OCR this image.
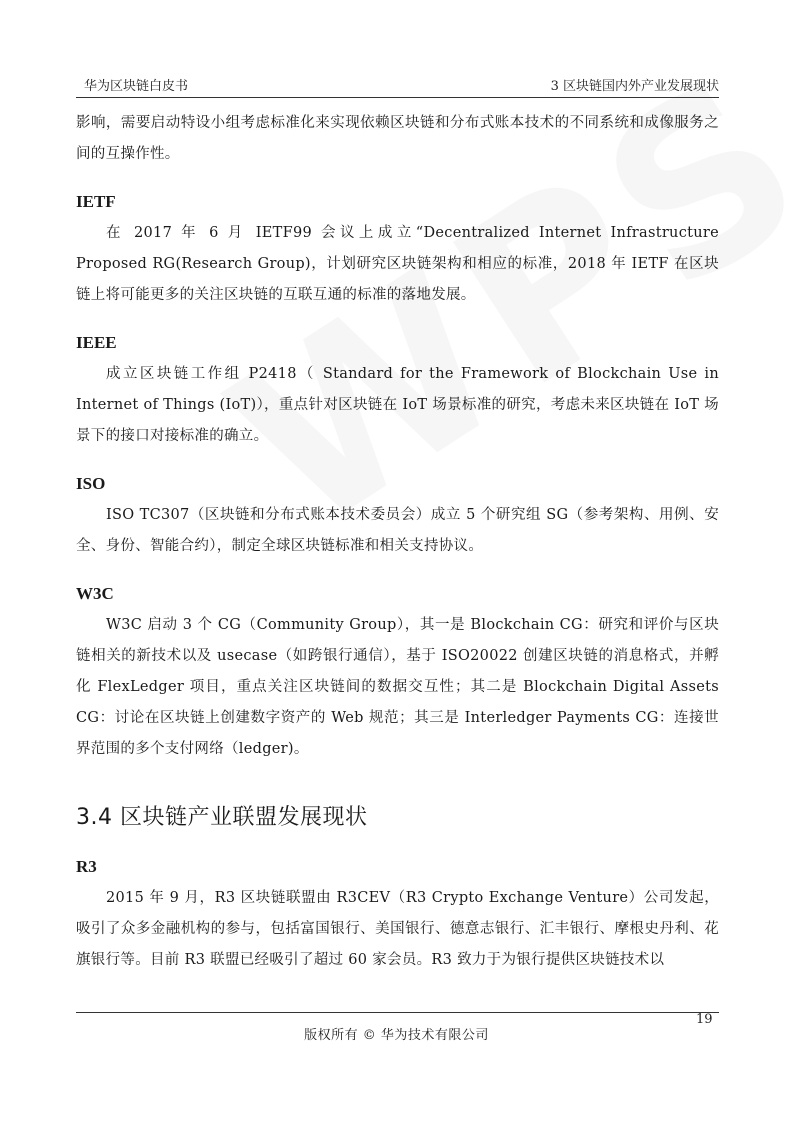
华为区块链白皮书	3 区块链国内外产业发展现状

影响，需要启动特设小组考虑标准化来实现依赖区块链和分布式账本技术的不同系统和成像服务之间的互操作性。

IETF

在 2017 年 6 月 IETF99 会议上成立“Decentralized Internet Infrastructure Proposed RG(Research Group)，计划研究区块链架构和相应的标准，2018 年 IETF 在区块链上将可能更多的关注区块链的互联互通的标准的落地发展。

IEEE

成立区块链工作组 P2418（ Standard for the Framework of Blockchain Use in Internet of Things (IoT)），重点针对区块链在 IoT 场景标准的研究，考虑未来区块链在 IoT 场景下的接口对接标准的确立。

ISO

ISO TC307（区块链和分布式账本技术委员会）成立 5 个研究组 SG（参考架构、用例、安全、身份、智能合约），制定全球区块链标准和相关支持协议。

W3C

W3C 启动 3 个 CG（Community Group），其一是 Blockchain CG：研究和评价与区块链相关的新技术以及 usecase（如跨银行通信），基于 ISO20022 创建区块链的消息格式，并孵化 FlexLedger 项目，重点关注区块链间的数据交互性；其二是 Blockchain Digital Assets CG：讨论在区块链上创建数字资产的 Web 规范；其三是 Interledger Payments CG：连接世界范围的多个支付网络（ledger)。

3.4 区块链产业联盟发展现状
R3

2015 年 9 月，R3 区块链联盟由 R3CEV（R3 Crypto Exchange Venture）公司发起，吸引了众多金融机构的参与，包括富国银行、美国银行、德意志银行、汇丰银行、摩根史丹利、花旗银行等。目前 R3 联盟已经吸引了超过 60 家会员。R3 致力于为银行提供区块链技术以

19
版权所有 © 华为技术有限公司
